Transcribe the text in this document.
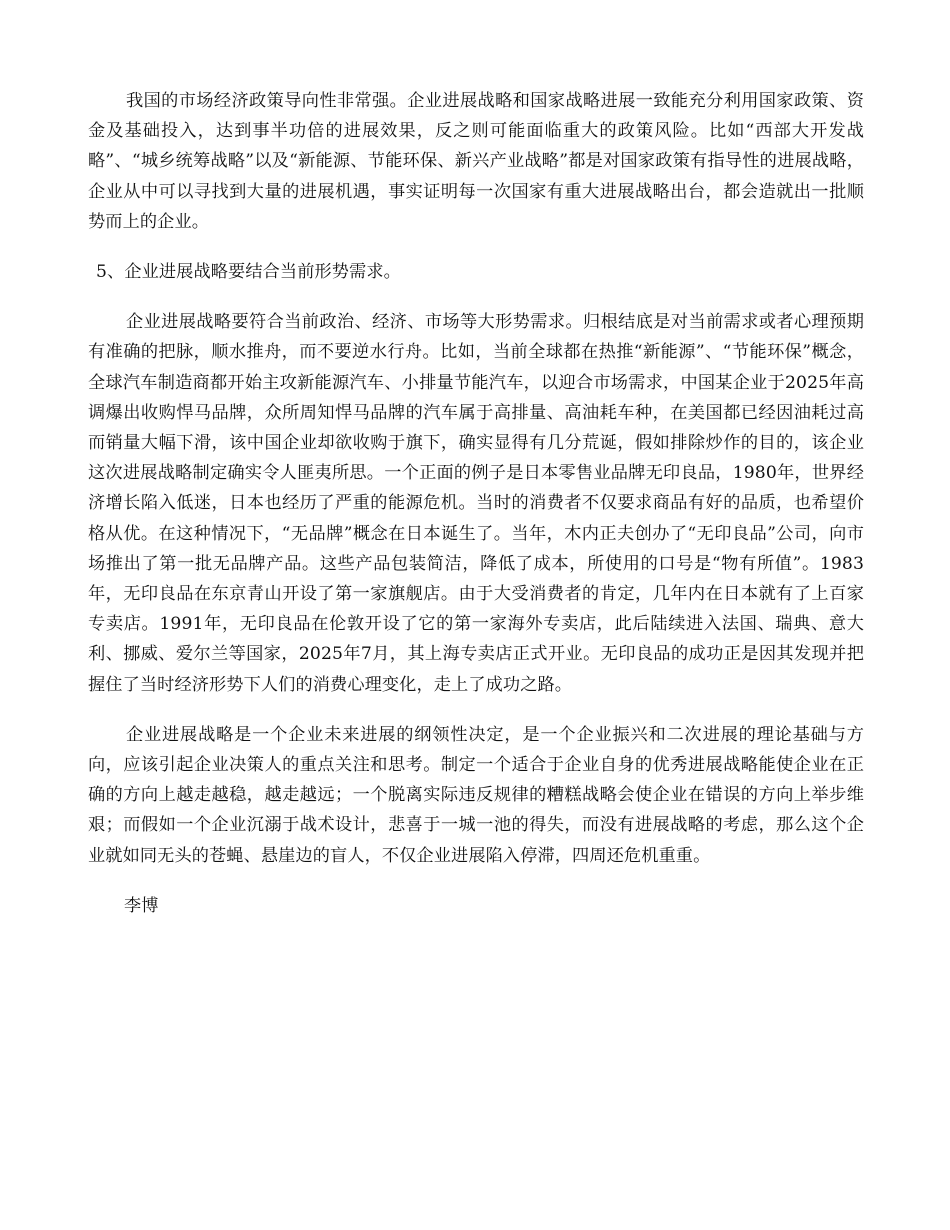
我国的市场经济政策导向性非常强。企业进展战略和国家战略进展一致能充分利用国家政策、资金及基础投入，达到事半功倍的进展效果，反之则可能面临重大的政策风险。比如“西部大开发战略”、“城乡统筹战略”以及“新能源、节能环保、新兴产业战略”都是对国家政策有指导性的进展战略，企业从中可以寻找到大量的进展机遇，事实证明每一次国家有重大进展战略出台，都会造就出一批顺势而上的企业。

5、企业进展战略要结合当前形势需求。

企业进展战略要符合当前政治、经济、市场等大形势需求。归根结底是对当前需求或者心理预期有准确的把脉，顺水推舟，而不要逆水行舟。比如，当前全球都在热推“新能源”、“节能环保”概念，全球汽车制造商都开始主攻新能源汽车、小排量节能汽车，以迎合市场需求，中国某企业于2025年高调爆出收购悍马品牌，众所周知悍马品牌的汽车属于高排量、高油耗车种，在美国都已经因油耗过高而销量大幅下滑，该中国企业却欲收购于旗下，确实显得有几分荒诞，假如排除炒作的目的，该企业这次进展战略制定确实令人匪夷所思。一个正面的例子是日本零售业品牌无印良品，1980年，世界经济增长陷入低迷，日本也经历了严重的能源危机。当时的消费者不仅要求商品有好的品质，也希望价格从优。在这种情况下，“无品牌”概念在日本诞生了。当年，木内正夫创办了“无印良品”公司，向市场推出了第一批无品牌产品。这些产品包装简洁，降低了成本，所使用的口号是“物有所值”。1983年，无印良品在东京青山开设了第一家旗舰店。由于大受消费者的肯定，几年内在日本就有了上百家专卖店。1991年，无印良品在伦敦开设了它的第一家海外专卖店，此后陆续进入法国、瑞典、意大利、挪威、爱尔兰等国家，2025年7月，其上海专卖店正式开业。无印良品的成功正是因其发现并把握住了当时经济形势下人们的消费心理变化，走上了成功之路。

企业进展战略是一个企业未来进展的纲领性决定，是一个企业振兴和二次进展的理论基础与方向，应该引起企业决策人的重点关注和思考。制定一个适合于企业自身的优秀进展战略能使企业在正确的方向上越走越稳，越走越远；一个脱离实际违反规律的糟糕战略会使企业在错误的方向上举步维艰；而假如一个企业沉溺于战术设计，悲喜于一城一池的得失，而没有进展战略的考虑，那么这个企业就如同无头的苍蝇、悬崖边的盲人，不仅企业进展陷入停滞，四周还危机重重。

李博
